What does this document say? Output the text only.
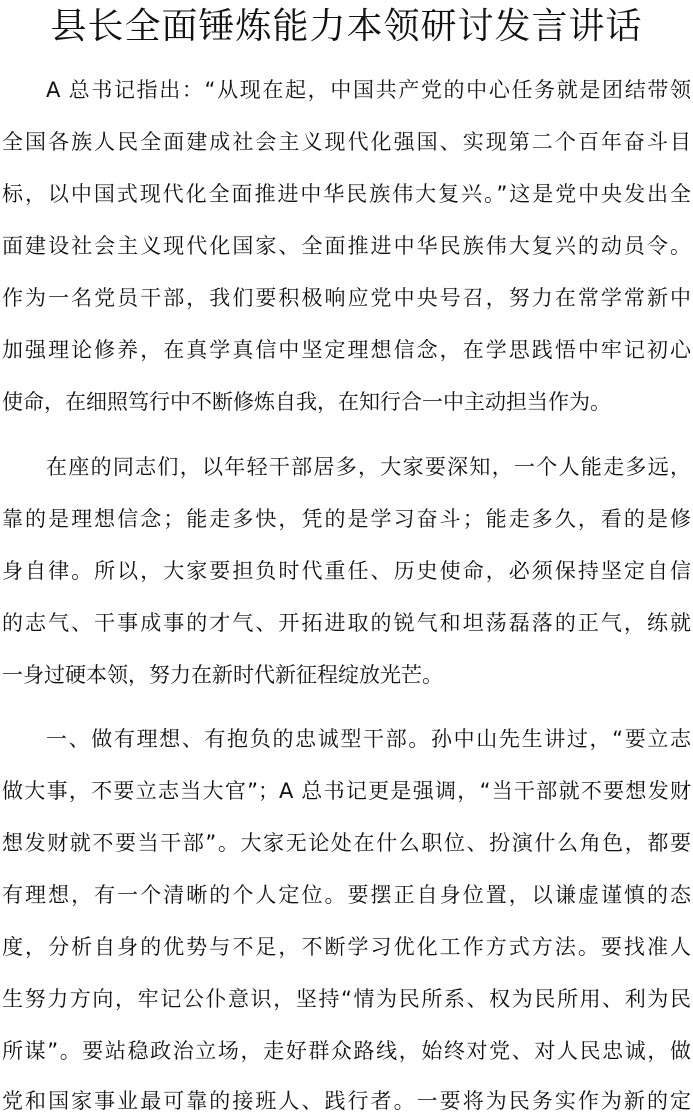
县长全面锤炼能力本领研讨发言讲话
A 总书记指出：“从现在起，中国共产党的中心任务就是团结带领
全国各族人民全面建成社会主义现代化强国、实现第二个百年奋斗目
标，以中国式现代化全面推进中华民族伟大复兴。”这是党中央发出全
面建设社会主义现代化国家、全面推进中华民族伟大复兴的动员令。
作为一名党员干部，我们要积极响应党中央号召，努力在常学常新中
加强理论修养，在真学真信中坚定理想信念，在学思践悟中牢记初心
使命，在细照笃行中不断修炼自我，在知行合一中主动担当作为。
在座的同志们，以年轻干部居多，大家要深知，一个人能走多远，
靠的是理想信念；能走多快，凭的是学习奋斗；能走多久，看的是修
身自律。所以，大家要担负时代重任、历史使命，必须保持坚定自信
的志气、干事成事的才气、开拓进取的锐气和坦荡磊落的正气，练就
一身过硬本领，努力在新时代新征程绽放光芒。
一、做有理想、有抱负的忠诚型干部。孙中山先生讲过，“要立志
做大事，不要立志当大官”；A 总书记更是强调，“当干部就不要想发财
想发财就不要当干部”。大家无论处在什么职位、扮演什么角色，都要
有理想，有一个清晰的个人定位。要摆正自身位置，以谦虚谨慎的态
度，分析自身的优势与不足，不断学习优化工作方式方法。要找准人
生努力方向，牢记公仆意识，坚持“情为民所系、权为民所用、利为民
所谋”。要站稳政治立场，走好群众路线，始终对党、对人民忠诚，做
党和国家事业最可靠的接班人、践行者。一要将为民务实作为新的定
